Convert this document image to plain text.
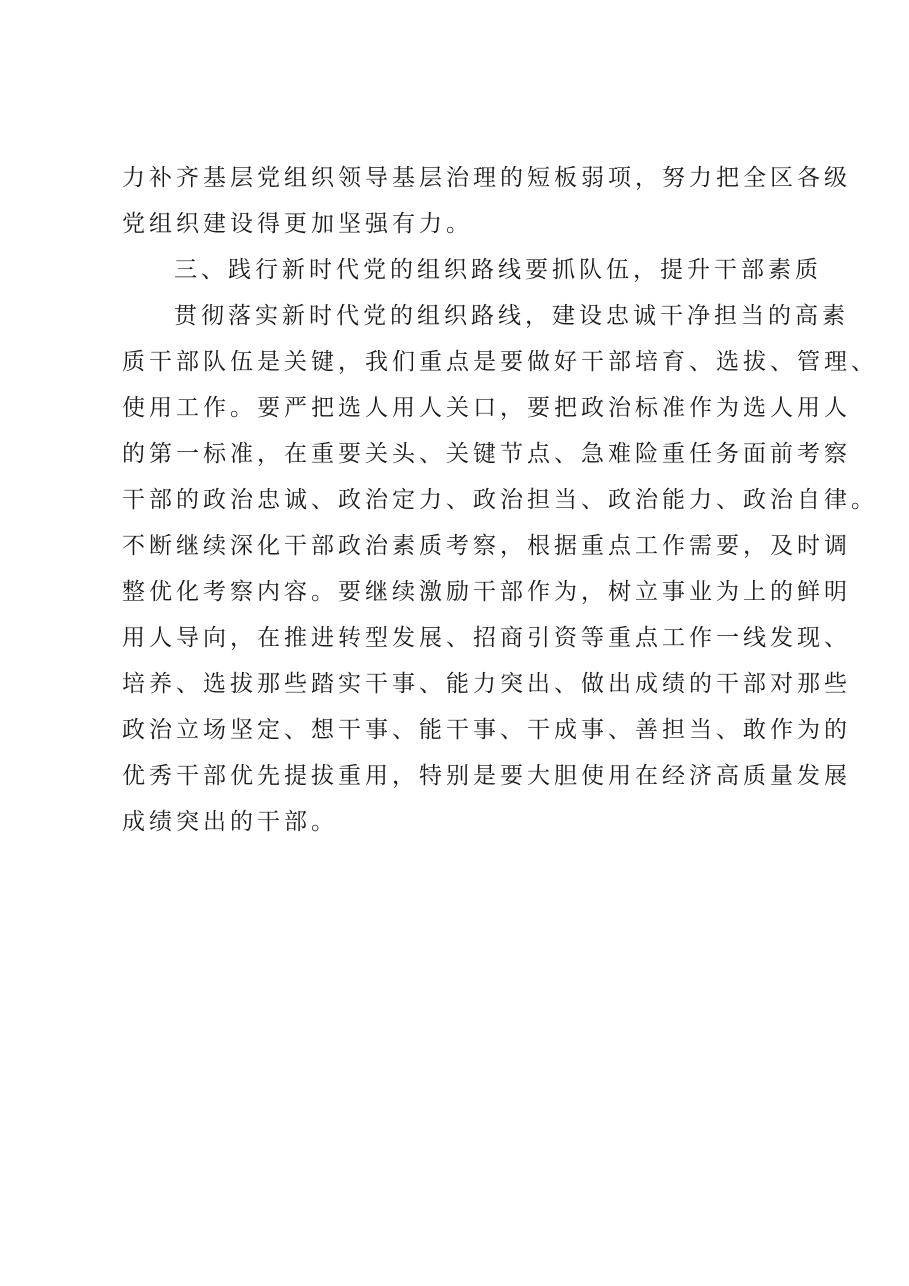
力补齐基层党组织领导基层治理的短板弱项，努力把全区各级
党组织建设得更加坚强有力。
三、践行新时代党的组织路线要抓队伍，提升干部素质
贯彻落实新时代党的组织路线，建设忠诚干净担当的高素
质干部队伍是关键，我们重点是要做好干部培育、选拔、管理、
使用工作。要严把选人用人关口，要把政治标准作为选人用人
的第一标准，在重要关头、关键节点、急难险重任务面前考察
干部的政治忠诚、政治定力、政治担当、政治能力、政治自律。
不断继续深化干部政治素质考察，根据重点工作需要，及时调
整优化考察内容。要继续激励干部作为，树立事业为上的鲜明
用人导向，在推进转型发展、招商引资等重点工作一线发现、
培养、选拔那些踏实干事、能力突出、做出成绩的干部对那些
政治立场坚定、想干事、能干事、干成事、善担当、敢作为的
优秀干部优先提拔重用，特别是要大胆使用在经济高质量发展
成绩突出的干部。
